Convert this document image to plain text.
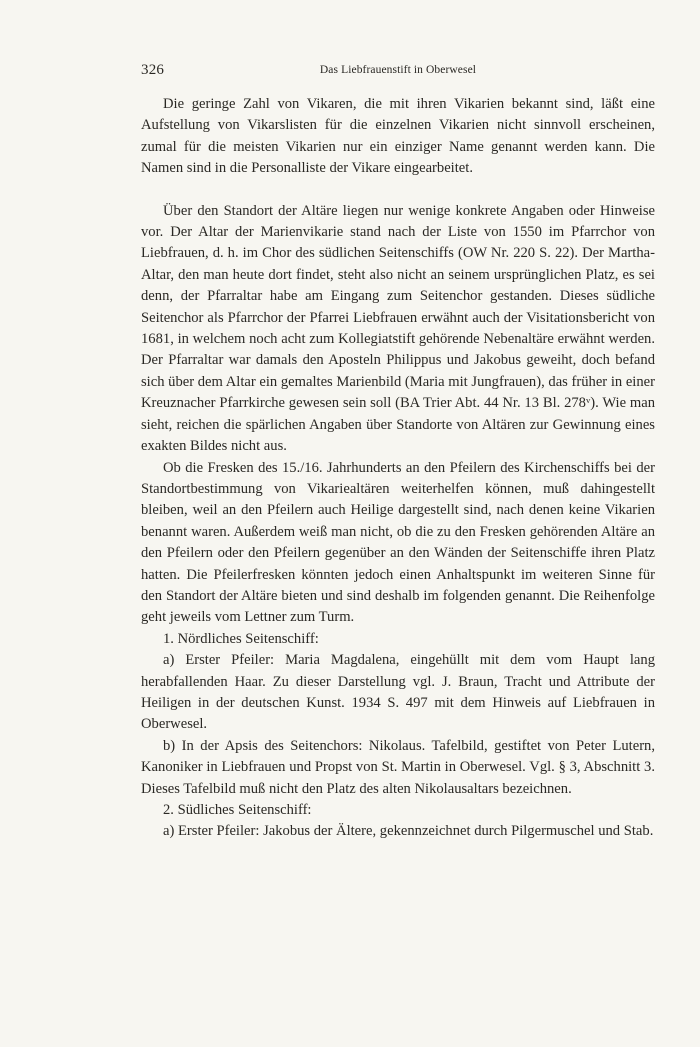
326	Das Liebfrauenstift in Oberwesel

Die geringe Zahl von Vikaren, die mit ihren Vikarien bekannt sind, läßt eine Aufstellung von Vikarslisten für die einzelnen Vikarien nicht sinnvoll erscheinen, zumal für die meisten Vikarien nur ein einziger Name genannt werden kann. Die Namen sind in die Personalliste der Vikare eingearbeitet.

Über den Standort der Altäre liegen nur wenige konkrete Angaben oder Hinweise vor. Der Altar der Marienvikarie stand nach der Liste von 1550 im Pfarrchor von Liebfrauen, d. h. im Chor des südlichen Seitenschiffs (OW Nr. 220 S. 22). Der Martha-Altar, den man heute dort findet, steht also nicht an seinem ursprünglichen Platz, es sei denn, der Pfarraltar habe am Eingang zum Seitenchor gestanden. Dieses südliche Seitenchor als Pfarrchor der Pfarrei Liebfrauen erwähnt auch der Visitationsbericht von 1681, in welchem noch acht zum Kollegiatstift gehörende Nebenaltäre erwähnt werden. Der Pfarraltar war damals den Aposteln Philippus und Jakobus geweiht, doch befand sich über dem Altar ein gemaltes Marienbild (Maria mit Jungfrauen), das früher in einer Kreuznacher Pfarrkirche gewesen sein soll (BA Trier Abt. 44 Nr. 13 Bl. 278ᵛ). Wie man sieht, reichen die spärlichen Angaben über Standorte von Altären zur Gewinnung eines exakten Bildes nicht aus.

Ob die Fresken des 15./16. Jahrhunderts an den Pfeilern des Kirchenschiffs bei der Standortbestimmung von Vikariealtären weiterhelfen können, muß dahingestellt bleiben, weil an den Pfeilern auch Heilige dargestellt sind, nach denen keine Vikarien benannt waren. Außerdem weiß man nicht, ob die zu den Fresken gehörenden Altäre an den Pfeilern oder den Pfeilern gegenüber an den Wänden der Seitenschiffe ihren Platz hatten. Die Pfeilerfresken könnten jedoch einen Anhaltspunkt im weiteren Sinne für den Standort der Altäre bieten und sind deshalb im folgenden genannt. Die Reihenfolge geht jeweils vom Lettner zum Turm.

1. Nördliches Seitenschiff:

a) Erster Pfeiler: Maria Magdalena, eingehüllt mit dem vom Haupt lang herabfallenden Haar. Zu dieser Darstellung vgl. J. Braun, Tracht und Attribute der Heiligen in der deutschen Kunst. 1934 S. 497 mit dem Hinweis auf Liebfrauen in Oberwesel.

b) In der Apsis des Seitenchors: Nikolaus. Tafelbild, gestiftet von Peter Lutern, Kanoniker in Liebfrauen und Propst von St. Martin in Oberwesel. Vgl. § 3, Abschnitt 3. Dieses Tafelbild muß nicht den Platz des alten Nikolausaltars bezeichnen.

2. Südliches Seitenschiff:

a) Erster Pfeiler: Jakobus der Ältere, gekennzeichnet durch Pilgermuschel und Stab.
